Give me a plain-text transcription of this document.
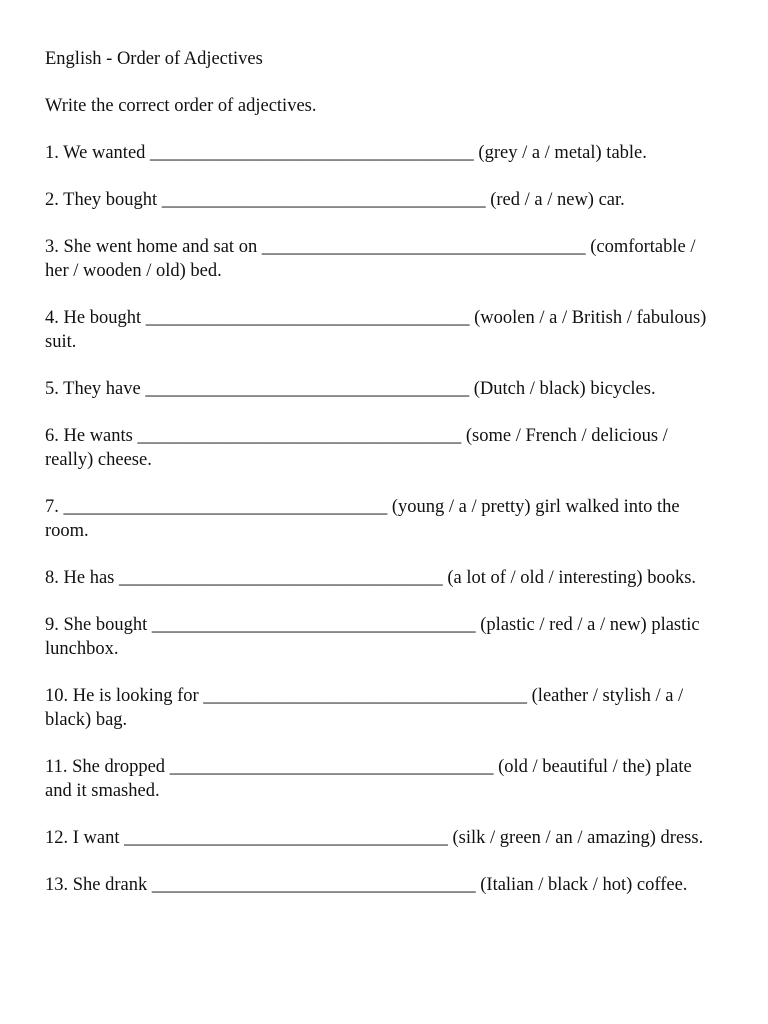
English - Order of Adjectives

Write the correct order of adjectives.

1. We wanted ___________________________________ (grey / a / metal) table.

2. They bought ___________________________________ (red / a / new) car.

3. She went home and sat on ___________________________________ (comfortable / her / wooden / old) bed.

4. He bought ___________________________________ (woolen / a / British / fabulous) suit.

5. They have ___________________________________ (Dutch / black) bicycles.

6. He wants ___________________________________ (some / French / delicious / really) cheese.

7. ___________________________________ (young / a / pretty) girl walked into the room.

8. He has ___________________________________ (a lot of / old / interesting) books.

9. She bought ___________________________________ (plastic / red / a / new) plastic lunchbox.

10. He is looking for ___________________________________ (leather / stylish / a / black) bag.

11. She dropped ___________________________________ (old / beautiful / the) plate and it smashed.

12. I want ___________________________________ (silk / green / an / amazing) dress.

13. She drank ___________________________________ (Italian / black / hot) coffee.
